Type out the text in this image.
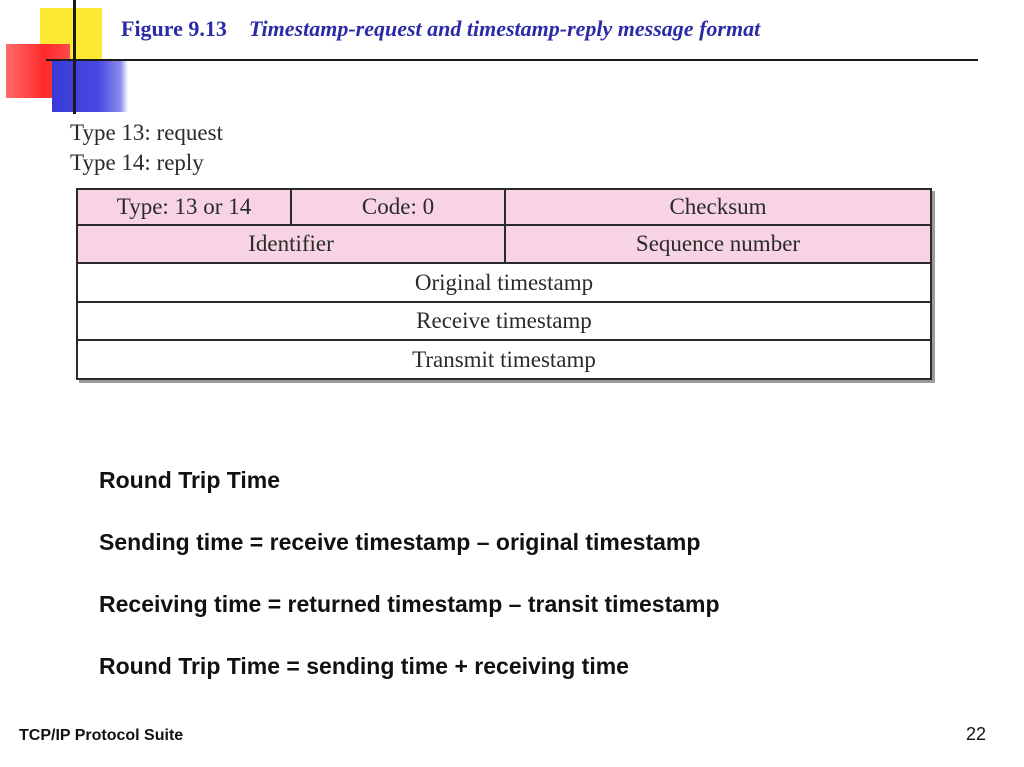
Figure 9.13 Timestamp-request and timestamp-reply message format
Type 13: request
Type 14: reply
Type: 13 or 14	Code: 0	Checksum
Identifier	Sequence number
Original timestamp
Receive timestamp
Transmit timestamp
Round Trip Time
Sending time = receive timestamp – original timestamp
Receiving time = returned timestamp – transit timestamp
Round Trip Time = sending time + receiving time
TCP/IP Protocol Suite	22
